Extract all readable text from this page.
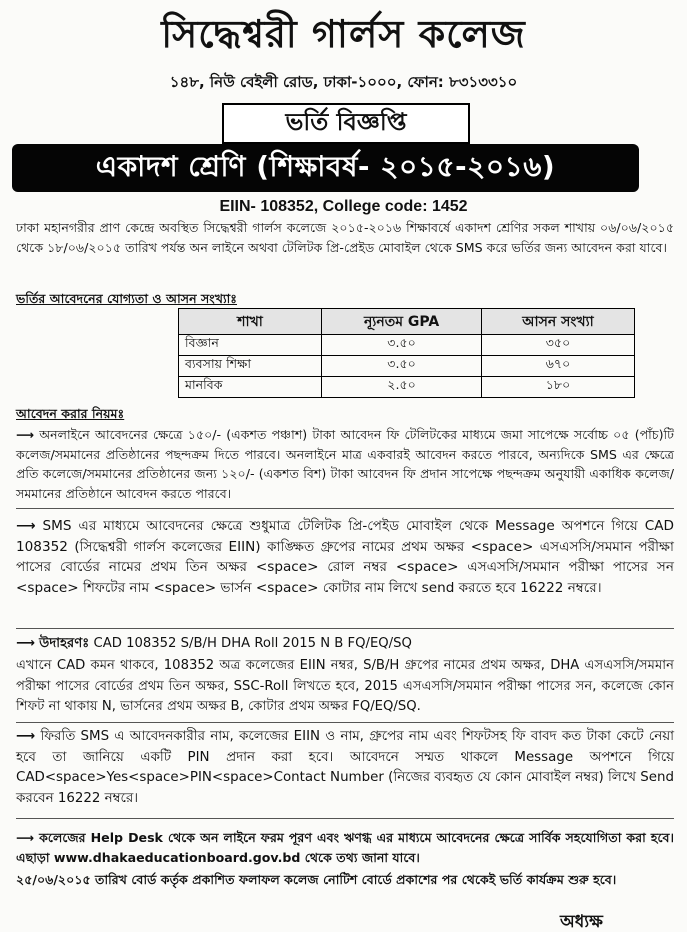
সিদ্ধেশ্বরী গার্লস কলেজ
১৪৮, নিউ বেইলী রোড, ঢাকা-১০০০, ফোন: ৮৩১৩৩১০
ভর্তি বিজ্ঞপ্তি
একাদশ শ্রেণি (শিক্ষাবর্ষ- ২০১৫-২০১৬)
EIIN- 108352, College code: 1452
ঢাকা মহানগরীর প্রাণ কেন্দ্রে অবস্থিত সিদ্ধেশ্বরী গার্লস কলেজে ২০১৫-২০১৬ শিক্ষাবর্ষে একাদশ শ্রেণির সকল শাখায় ০৬/০৬/২০১৫ থেকে ১৮/০৬/২০১৫ তারিখ পর্যন্ত অন লাইনে অথবা টেলিটক প্রি-প্রেইড মোবাইল থেকে SMS করে ভর্তির জন্য আবেদন করা যাবে।
ভর্তির আবেদনের যোগ্যতা ও আসন সংখ্যাঃ
শাখা	ন্যূনতম GPA	আসন সংখ্যা
বিজ্ঞান	৩.৫০	৩৫০
ব্যবসায় শিক্ষা	৩.৫০	৬৭০
মানবিক	২.৫০	১৮০
আবেদন করার নিয়মঃ
⟶ অনলাইনে আবেদনের ক্ষেত্রে ১৫০/- (একশত পঞ্চাশ) টাকা আবেদন ফি টেলিটকের মাধ্যমে জমা সাপেক্ষে সর্বোচ্চ ০৫ (পাঁচ)টি কলেজ/সমমানের প্রতিষ্ঠানের পছন্দক্রম দিতে পারবে। অনলাইনে মাত্র একবারই আবেদন করতে পারবে, অন্যদিকে SMS এর ক্ষেত্রে প্রতি কলেজে/সমমানের প্রতিষ্ঠানের জন্য ১২০/- (একশত বিশ) টাকা আবেদন ফি প্রদান সাপেক্ষে পছন্দক্রম অনুযায়ী একাধিক কলেজ/সমমানের প্রতিষ্ঠানে আবেদন করতে পারবে।
⟶ SMS এর মাধ্যমে আবেদনের ক্ষেত্রে শুধুমাত্র টেলিটক প্রি-পেইড মোবাইল থেকে Message অপশনে গিয়ে CAD 108352 (সিদ্ধেশ্বরী গার্লস কলেজের EIIN) কাঙ্ক্ষিত গ্রুপের নামের প্রথম অক্ষর <space> এসএসসি/সমমান পরীক্ষা পাসের বোর্ডের নামের প্রথম তিন অক্ষর <space> রোল নম্বর <space> এসএসসি/সমমান পরীক্ষা পাসের সন <space> শিফটের নাম <space> ভার্সন <space> কোটার নাম লিখে send করতে হবে 16222 নম্বরে।
⟶ উদাহরণঃ CAD 108352 S/B/H DHA Roll 2015 N B FQ/EQ/SQ
এখানে CAD কমন থাকবে, 108352 অত্র কলেজের EIIN নম্বর, S/B/H গ্রুপের নামের প্রথম অক্ষর, DHA এসএসসি/সমমান পরীক্ষা পাসের বোর্ডের প্রথম তিন অক্ষর, SSC-Roll লিখতে হবে, 2015 এসএসসি/সমমান পরীক্ষা পাসের সন, কলেজে কোন শিফট না থাকায় N, ভার্সনের প্রথম অক্ষর B, কোটার প্রথম অক্ষর FQ/EQ/SQ.
⟶ ফিরতি SMS এ আবেদনকারীর নাম, কলেজের EIIN ও নাম, গ্রুপের নাম এবং শিফটসহ ফি বাবদ কত টাকা কেটে নেয়া হবে তা জানিয়ে একটি PIN প্রদান করা হবে। আবেদনে সম্মত থাকলে Message অপশনে গিয়ে CAD<space>Yes<space>PIN<space>Contact Number (নিজের ব্যবহৃত যে কোন মোবাইল নম্বর) লিখে Send করবেন 16222 নম্বরে।
⟶ কলেজের Help Desk থেকে অন লাইনে ফরম পূরণ এবং ঋণগ্ধ এর মাধ্যমে আবেদনের ক্ষেত্রে সার্বিক সহযোগিতা করা হবে। এছাড়া www.dhakaeducationboard.gov.bd থেকে তথ্য জানা যাবে।
২৫/০৬/২০১৫ তারিখ বোর্ড কর্তৃক প্রকাশিত ফলাফল কলেজ নোটিশ বোর্ডে প্রকাশের পর থেকেই ভর্তি কার্যক্রম শুরু হবে।
অধ্যক্ষ
